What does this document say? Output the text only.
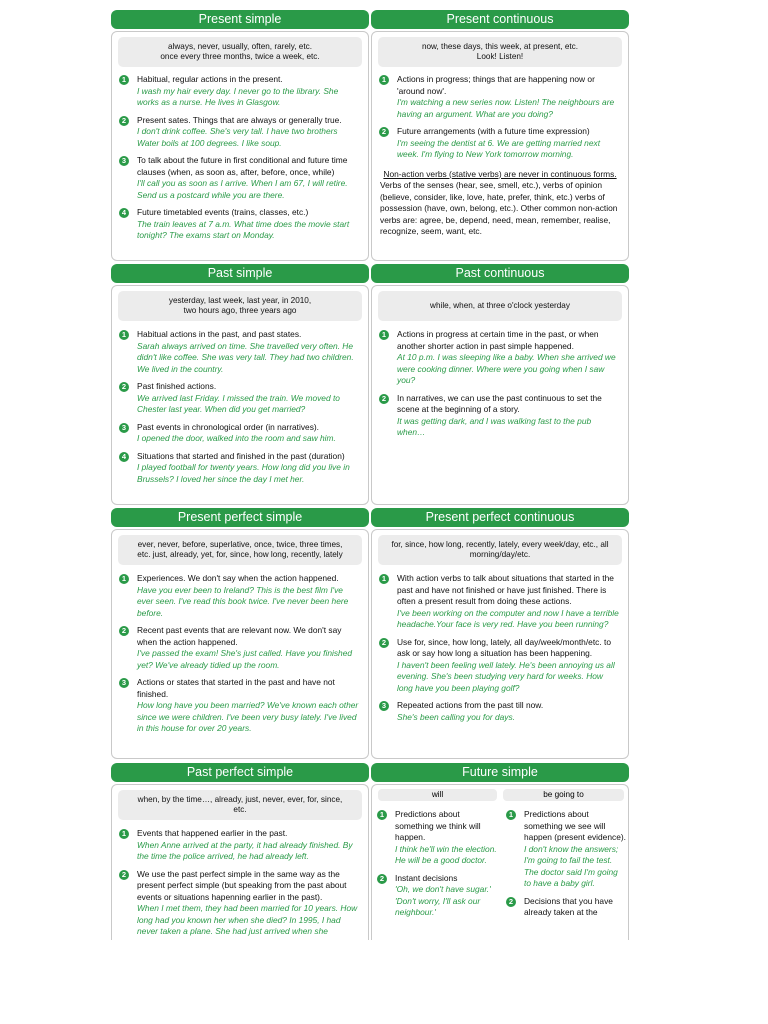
Present simple	Present continuous
always, never, usually, often, rarely, etc.
once every three months, twice a week, etc.
1	Habitual, regular actions in the present.
I wash my hair every day. I never go to the library. She works as a nurse. He lives in Glasgow.
2	Present sates. Things that are always or generally true.
I don't drink coffee. She's very tall. I have two brothers Water boils at 100 degrees. I like soup.
3	To talk about the future in first conditional and future time clauses (when, as soon as, after, before, once, while)
I'll call you as soon as I arrive. When I am 67, I will retire. Send us a postcard while you are there.
4	Future timetabled events (trains, classes, etc.)
The train leaves at 7 a.m. What time does the movie start tonight? The exams start on Monday.
now, these days, this week, at present, etc.
Look! Listen!
1	Actions in progress; things that are happening now or 'around now'.
I'm watching a new series now. Listen! The neighbours are having an argument. What are you doing?
2	Future arrangements (with a future time expression)
I'm seeing the dentist at 6. We are getting married next week. I'm flying to New York tomorrow morning.
Non-action verbs (stative verbs) are never in continuous forms.
Verbs of the senses (hear, see, smell, etc.), verbs of opinion (believe, consider, like, love, hate, prefer, think, etc.) verbs of possession (have, own, belong, etc.). Other common non-action verbs are: agree, be, depend, need, mean, remember, realise, recognize, seem, want, etc.
Past simple	Past continuous
yesterday, last week, last year, in 2010,
two hours ago, three years ago
1	Habitual actions in the past, and past states.
Sarah always arrived on time. She travelled very often. He didn't like coffee. She was very tall. They had two children. We lived in the country.
2	Past finished actions.
We arrived last Friday. I missed the train. We moved to Chester last year. When did you get married?
3	Past events in chronological order (in narratives).
I opened the door, walked into the room and saw him.
4	Situations that started and finished in the past (duration)
I played football for twenty years. How long did you live in Brussels? I loved her since the day I met her.
while, when, at three o'clock yesterday
1	Actions in progress at certain time in the past, or when another shorter action in past simple happened.
At 10 p.m. I was sleeping like a baby. When she arrived we were cooking dinner. Where were you going when I saw you?
2	In narratives, we can use the past continuous to set the scene at the beginning of a story.
It was getting dark, and I was walking fast to the pub when…
Present perfect simple	Present perfect continuous
ever, never, before, superlative, once, twice, three times,
etc. just, already, yet, for, since, how long, recently, lately
1	Experiences. We don't say when the action happened.
Have you ever been to Ireland? This is the best film I've ever seen. I've read this book twice. I've never been here before.
2	Recent past events that are relevant now. We don't say when the action happened.
I've passed the exam! She's just called. Have you finished yet? We've already tidied up the room.
3	Actions or states that started in the past and have not finished.
How long have you been married? We've known each other since we were children. I've been very busy lately. I've lived in this house for over 20 years.
for, since, how long, recently, lately, every week/day, etc., all
morning/day/etc.
1	With action verbs to talk about situations that started in the past and have not finished or have just finished. There is often a present result from doing these actions.
I've been working on the computer and now I have a terrible headache.Your face is very red. Have you been running?
2	Use for, since, how long, lately, all day/week/month/etc. to ask or say how long a situation has been happening.
I haven't been feeling well lately. He's been annoying us all evening. She's been studying very hard for weeks. How long have you been playing golf?
3	Repeated actions from the past till now.
She's been calling you for days.
Past perfect simple	Future simple
when, by the time…, already, just, never, ever, for, since,
etc.
1	Events that happened earlier in the past.
When Anne arrived at the party, it had already finished. By the time the police arrived, he had already left.
2	We use the past perfect simple in the same way as the present perfect simple (but speaking from the past about events or situations hapenning earlier in the past).
When I met them, they had been married for 10 years. How long had you known her when she died? In 1995, I had never taken a plane. She had just arrived when she
will
1	Predictions about something we think will happen.
I think he'll win the election. He will be a good doctor.
2	Instant decisions
'Oh, we don't have sugar.' 'Don't worry, I'll ask our neighbour.'
be going to
1	Predictions about something we see will happen (present evidence).
I don't know the answers; I'm going to fail the test. The doctor said I'm going to have a baby girl.
2	Decisions that you have already taken at the
